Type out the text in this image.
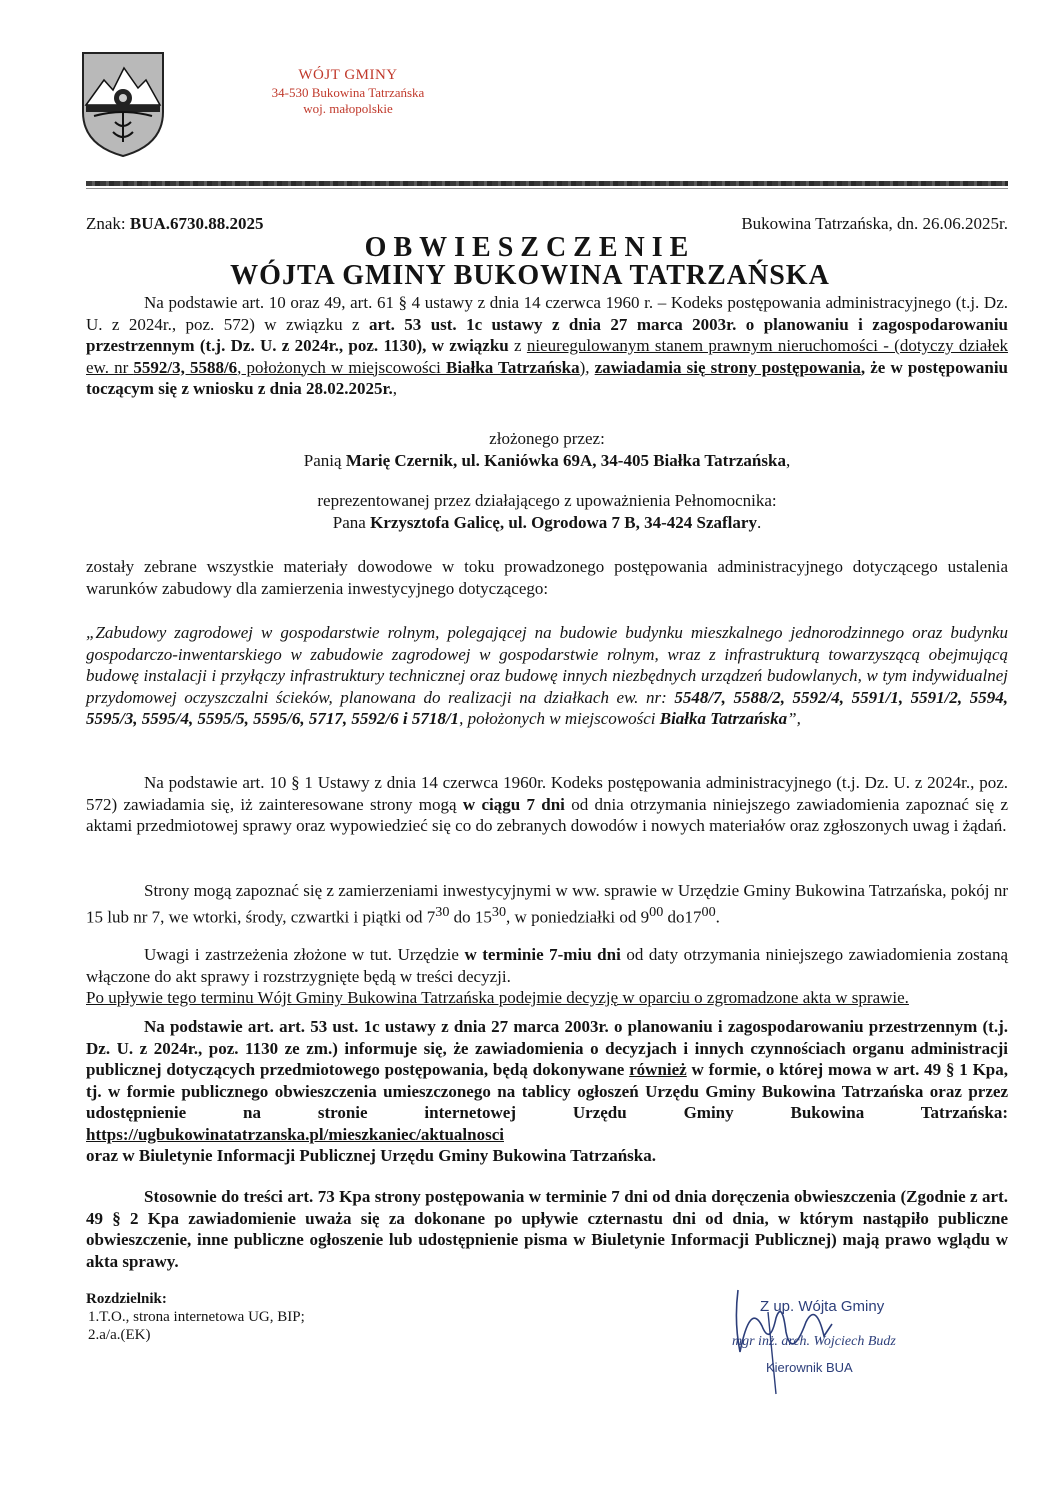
WÓJT GMINY
34-530 Bukowina Tatrzańska
woj. małopolskie
Znak: BUA.6730.88.2025	Bukowina Tatrzańska, dn. 26.06.2025r.
OBWIESZCZENIE
WÓJTA GMINY BUKOWINA TATRZAŃSKA
Na podstawie art. 10 oraz 49, art. 61 § 4 ustawy z dnia 14 czerwca 1960 r. – Kodeks postępowania administracyjnego (t.j. Dz. U. z 2024r., poz. 572) w związku z art. 53 ust. 1c ustawy z dnia 27 marca 2003r. o planowaniu i zagospodarowaniu przestrzennym (t.j. Dz. U. z 2024r., poz. 1130), w związku z nieuregulowanym stanem prawnym nieruchomości - (dotyczy działek ew. nr 5592/3, 5588/6, położonych w miejscowości Białka Tatrzańska), zawiadamia się strony postępowania, że w postępowaniu toczącym się z wniosku z dnia 28.02.2025r.,
złożonego przez:
Panią Marię Czernik, ul. Kaniówka 69A, 34-405 Białka Tatrzańska,
reprezentowanej przez działającego z upoważnienia Pełnomocnika:
Pana Krzysztofa Galicę, ul. Ogrodowa 7 B, 34-424 Szaflary.
zostały zebrane wszystkie materiały dowodowe w toku prowadzonego postępowania administracyjnego dotyczącego ustalenia warunków zabudowy dla zamierzenia inwestycyjnego dotyczącego:
„Zabudowy zagrodowej w gospodarstwie rolnym, polegającej na budowie budynku mieszkalnego jednorodzinnego oraz budynku gospodarczo-inwentarskiego w zabudowie zagrodowej w gospodarstwie rolnym, wraz z infrastrukturą towarzyszącą obejmującą budowę instalacji i przyłączy infrastruktury technicznej oraz budowę innych niezbędnych urządzeń budowlanych, w tym indywidualnej przydomowej oczyszczalni ścieków, planowana do realizacji na działkach ew. nr: 5548/7, 5588/2, 5592/4, 5591/1, 5591/2, 5594, 5595/3, 5595/4, 5595/5, 5595/6, 5717, 5592/6 i 5718/1, położonych w miejscowości Białka Tatrzańska”,
Na podstawie art. 10 § 1 Ustawy z dnia 14 czerwca 1960r. Kodeks postępowania administracyjnego (t.j. Dz. U. z 2024r., poz. 572) zawiadamia się, iż zainteresowane strony mogą w ciągu 7 dni od dnia otrzymania niniejszego zawiadomienia zapoznać się z aktami przedmiotowej sprawy oraz wypowiedzieć się co do zebranych dowodów i nowych materiałów oraz zgłoszonych uwag i żądań.
Strony mogą zapoznać się z zamierzeniami inwestycyjnymi w ww. sprawie w Urzędzie Gminy Bukowina Tatrzańska, pokój nr 15 lub nr 7, we wtorki, środy, czwartki i piątki od $7^{30}$ do $15^{30}$, w poniedziałki od $9^{00}$ $do17^{00}$.
Uwagi i zastrzeżenia złożone w tut. Urzędzie w terminie 7-miu dni od daty otrzymania niniejszego zawiadomienia zostaną włączone do akt sprawy i rozstrzygnięte będą w treści decyzji.
Po upływie tego terminu Wójt Gminy Bukowina Tatrzańska podejmie decyzję w oparciu o zgromadzone akta w sprawie.
Na podstawie art. art. 53 ust. 1c ustawy z dnia 27 marca 2003r. o planowaniu i zagospodarowaniu przestrzennym (t.j. Dz. U. z 2024r., poz. 1130 ze zm.) informuje się, że zawiadomienia o decyzjach i innych czynnościach organu administracji publicznej dotyczących przedmiotowego postępowania, będą dokonywane również w formie, o której mowa w art. 49 § 1 Kpa, tj. w formie publicznego obwieszczenia umieszczonego na tablicy ogłoszeń Urzędu Gminy Bukowina Tatrzańska oraz przez udostępnienie na stronie internetowej Urzędu Gminy Bukowina Tatrzańska: https://ugbukowinatatrzanska.pl/mieszkaniec/aktualnosci
oraz w Biuletynie Informacji Publicznej Urzędu Gminy Bukowina Tatrzańska.
Stosownie do treści art. 73 Kpa strony postępowania w terminie 7 dni od dnia doręczenia obwieszczenia (Zgodnie z art. 49 § 2 Kpa zawiadomienie uważa się za dokonane po upływie czternastu dni od dnia, w którym nastąpiło publiczne obwieszczenie, inne publiczne ogłoszenie lub udostępnienie pisma w Biuletynie Informacji Publicznej) mają prawo wglądu w akta sprawy.
Rozdzielnik:
1.T.O., strona internetowa UG, BIP;
2.a/a.(EK)
Z up. Wójta Gminy
mgr inż. arch. Wojciech Budz
Kierownik BUA
